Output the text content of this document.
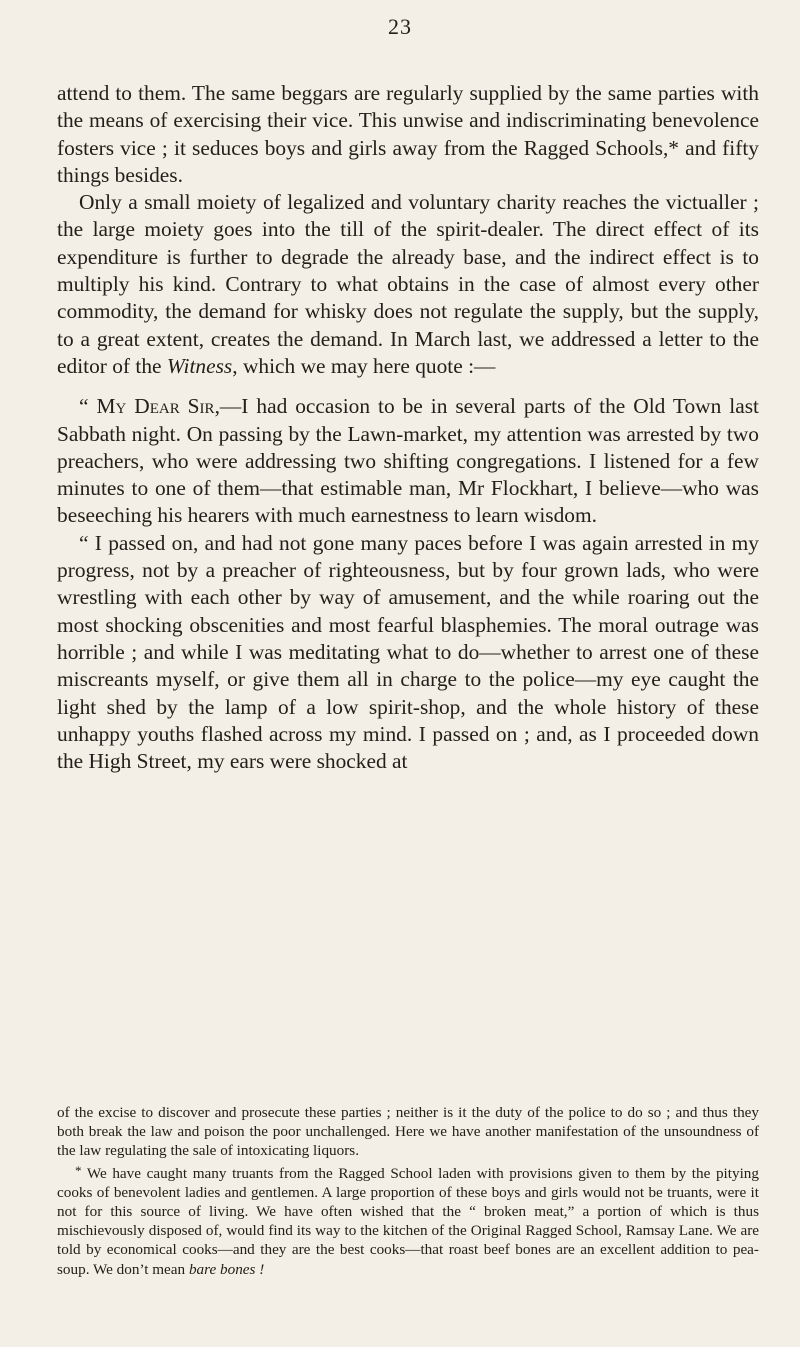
23

attend to them. The same beggars are regularly supplied by the same parties with the means of exercising their vice. This unwise and indiscriminating benevolence fosters vice ; it seduces boys and girls away from the Ragged Schools,* and fifty things besides.

Only a small moiety of legalized and voluntary charity reaches the victualler ; the large moiety goes into the till of the spirit-dealer. The direct effect of its expenditure is further to degrade the already base, and the indirect effect is to multiply his kind. Contrary to what obtains in the case of almost every other commodity, the demand for whisky does not regulate the supply, but the supply, to a great extent, creates the demand. In March last, we addressed a letter to the editor of the Witness, which we may here quote :—

“ My Dear Sir,—I had occasion to be in several parts of the Old Town last Sabbath night. On passing by the Lawn-market, my attention was arrested by two preachers, who were addressing two shifting congregations. I listened for a few minutes to one of them—that estimable man, Mr Flockhart, I believe—who was beseeching his hearers with much earnestness to learn wisdom.

“ I passed on, and had not gone many paces before I was again arrested in my progress, not by a preacher of righteousness, but by four grown lads, who were wrestling with each other by way of amusement, and the while roaring out the most shocking obscenities and most fearful blasphemies. The moral outrage was horrible ; and while I was meditating what to do—whether to arrest one of these miscreants myself, or give them all in charge to the police—my eye caught the light shed by the lamp of a low spirit-shop, and the whole history of these unhappy youths flashed across my mind. I passed on ; and, as I proceeded down the High Street, my ears were shocked at

of the excise to discover and prosecute these parties ; neither is it the duty of the police to do so ; and thus they both break the law and poison the poor unchallenged. Here we have another manifestation of the unsoundness of the law regulating the sale of intoxicating liquors.

* We have caught many truants from the Ragged School laden with provisions given to them by the pitying cooks of benevolent ladies and gentlemen. A large proportion of these boys and girls would not be truants, were it not for this source of living. We have often wished that the “ broken meat,” a portion of which is thus mischievously disposed of, would find its way to the kitchen of the Original Ragged School, Ramsay Lane. We are told by economical cooks—and they are the best cooks—that roast beef bones are an excellent addition to pea-soup. We don’t mean bare bones !
